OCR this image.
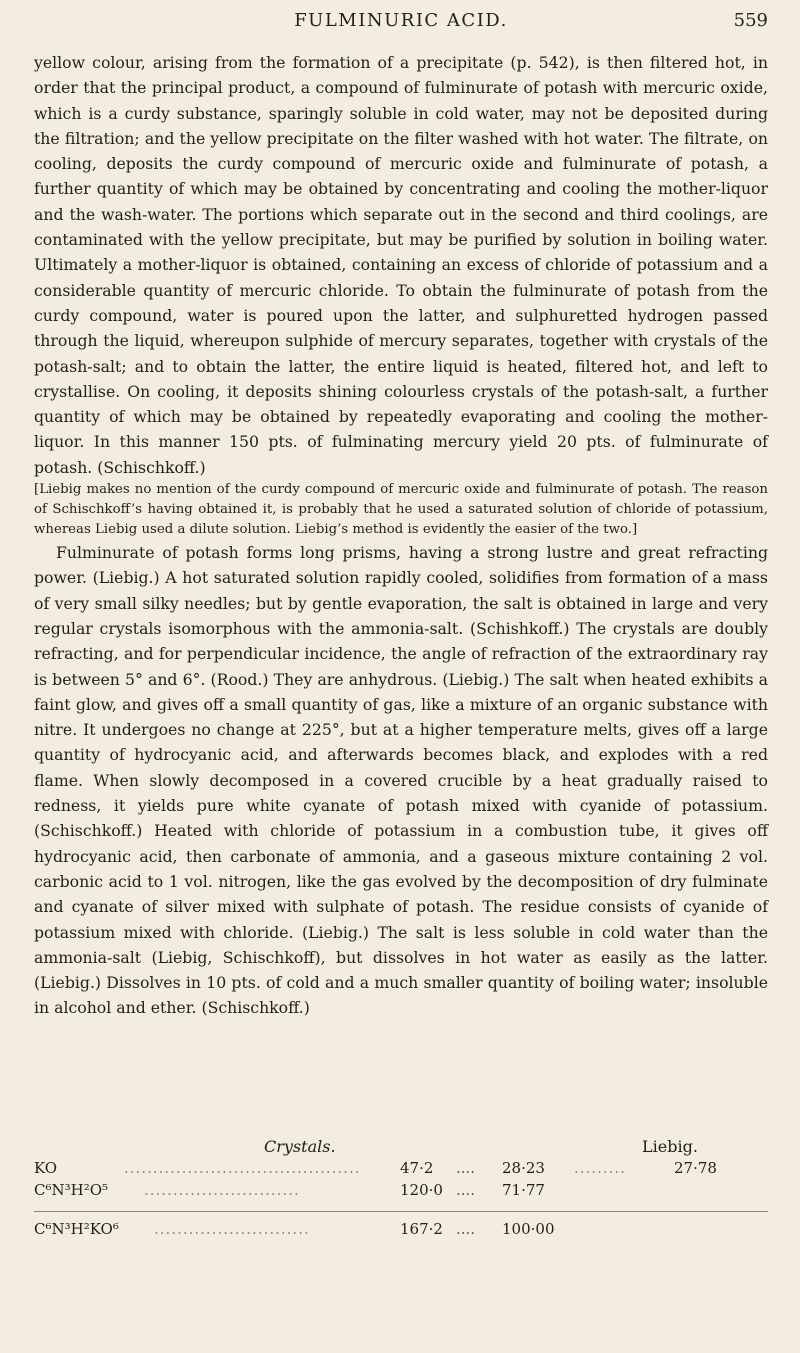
FULMINURIC ACID.	559

yellow colour, arising from the formation of a precipitate (p. 542), is then filtered hot, in order that the principal product, a compound of fulminurate of potash with mercuric oxide, which is a curdy substance, sparingly soluble in cold water, may not be deposited during the filtration; and the yellow precipitate on the filter washed with hot water. The filtrate, on cooling, deposits the curdy compound of mercuric oxide and fulminurate of potash, a further quantity of which may be obtained by concentrating and cooling the mother-liquor and the wash-water. The portions which separate out in the second and third coolings, are contaminated with the yellow precipitate, but may be purified by solution in boiling water. Ultimately a mother-liquor is obtained, containing an excess of chloride of potassium and a considerable quantity of mercuric chloride. To obtain the fulminurate of potash from the curdy compound, water is poured upon the latter, and sulphuretted hydrogen passed through the liquid, whereupon sulphide of mercury separates, together with crystals of the potash-salt; and to obtain the latter, the entire liquid is heated, filtered hot, and left to crystallise. On cooling, it deposits shining colourless crystals of the potash-salt, a further quantity of which may be obtained by repeatedly evaporating and cooling the mother-liquor. In this manner 150 pts. of fulminating mercury yield 20 pts. of fulminurate of potash. (Schischkoff.)

[Liebig makes no mention of the curdy compound of mercuric oxide and fulminurate of potash. The reason of Schischkoff’s having obtained it, is probably that he used a saturated solution of chloride of potassium, whereas Liebig used a dilute solution. Liebig’s method is evidently the easier of the two.]

Fulminurate of potash forms long prisms, having a strong lustre and great refracting power. (Liebig.) A hot saturated solution rapidly cooled, solidifies from formation of a mass of very small silky needles; but by gentle evaporation, the salt is obtained in large and very regular crystals isomorphous with the ammonia-salt. (Schishkoff.) The crystals are doubly refracting, and for perpendicular incidence, the angle of refraction of the extraordinary ray is between 5° and 6°. (Rood.) They are anhydrous. (Liebig.) The salt when heated exhibits a faint glow, and gives off a small quantity of gas, like a mixture of an organic substance with nitre. It undergoes no change at 225°, but at a higher temperature melts, gives off a large quantity of hydrocyanic acid, and afterwards becomes black, and explodes with a red flame. When slowly decomposed in a covered crucible by a heat gradually raised to redness, it yields pure white cyanate of potash mixed with cyanide of potassium. (Schischkoff.) Heated with chloride of potassium in a combustion tube, it gives off hydrocyanic acid, then carbonate of ammonia, and a gaseous mixture containing 2 vol. carbonic acid to 1 vol. nitrogen, like the gas evolved by the decomposition of dry fulminate and cyanate of silver mixed with sulphate of potash. The residue consists of cyanide of potassium mixed with chloride. (Liebig.) The salt is less soluble in cold water than the ammonia-salt (Liebig, Schischkoff), but dissolves in hot water as easily as the latter. (Liebig.) Dissolves in 10 pts. of cold and a much smaller quantity of boiling water; insoluble in alcohol and ether. (Schischkoff.)

Crystals.	Liebig.
KO	.........................................	47·2 .... 28·23 .........	27·78
C⁶N³H²O⁵ ...........................	120·0 .... 71·77
C⁶N³H²KO⁶ ...........................	167·2 .... 100·00
